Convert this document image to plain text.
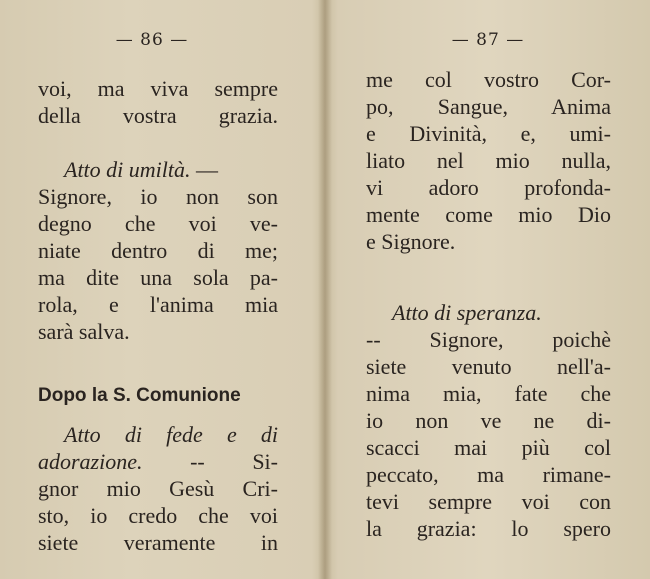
— 86 —
voi, ma viva sempre
della vostra grazia.
Atto di umiltà. —
Signore, io non son
degno che voi ve-
niate dentro di me;
ma dite una sola pa-
rola, e l'anima mia
sarà salva.
Dopo la S. Comunione
Atto di fede e di
adorazione. -- Si-
gnor mio Gesù Cri-
sto, io credo che voi
siete veramente in
— 87 —
me col vostro Cor-
po, Sangue, Anima
e Divinità, e, umi-
liato nel mio nulla,
vi adoro profonda-
mente come mio Dio
e Signore.
Atto di speranza.
-- Signore, poichè
siete venuto nell'a-
nima mia, fate che
io non ve ne di-
scacci mai più col
peccato, ma rimane-
tevi sempre voi con
la grazia: lo spero
